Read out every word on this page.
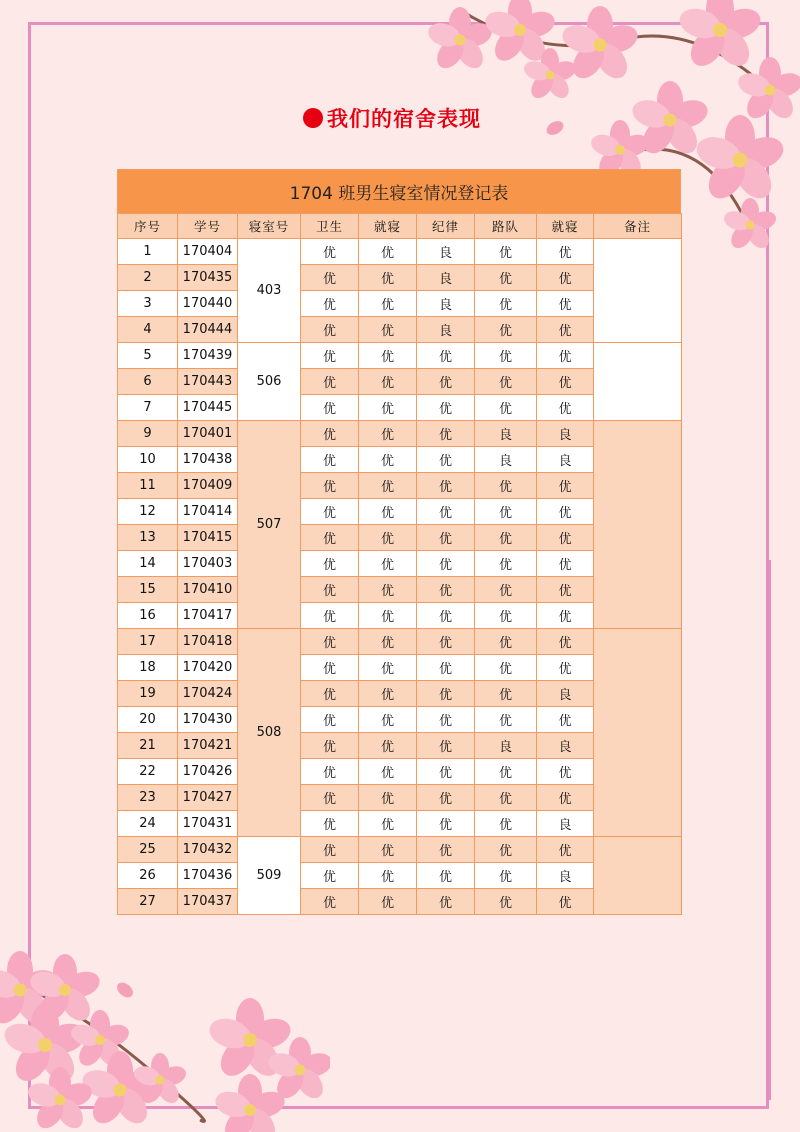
我们的宿舍表现
1704 班男生寝室情况登记表
序号	学号	寝室号	卫生	就寝	纪律	路队	就寝	备注
1	170404	403	优	优	良	优	优	
2	170435		优	优	良	优	优	
3	170440		优	优	良	优	优	
4	170444		优	优	良	优	优	
5	170439	506	优	优	优	优	优	
6	170443		优	优	优	优	优	
7	170445		优	优	优	优	优	
9	170401	507	优	优	优	良	良	
10	170438		优	优	优	良	良	
11	170409		优	优	优	优	优	
12	170414		优	优	优	优	优	
13	170415		优	优	优	优	优	
14	170403		优	优	优	优	优	
15	170410		优	优	优	优	优	
16	170417		优	优	优	优	优	
17	170418	508	优	优	优	优	优	
18	170420		优	优	优	优	优	
19	170424		优	优	优	优	良	
20	170430		优	优	优	优	优	
21	170421		优	优	优	良	良	
22	170426		优	优	优	优	优	
23	170427		优	优	优	优	优	
24	170431		优	优	优	优	良	
25	170432	509	优	优	优	优	优	
26	170436		优	优	优	优	良	
27	170437		优	优	优	优	优	
